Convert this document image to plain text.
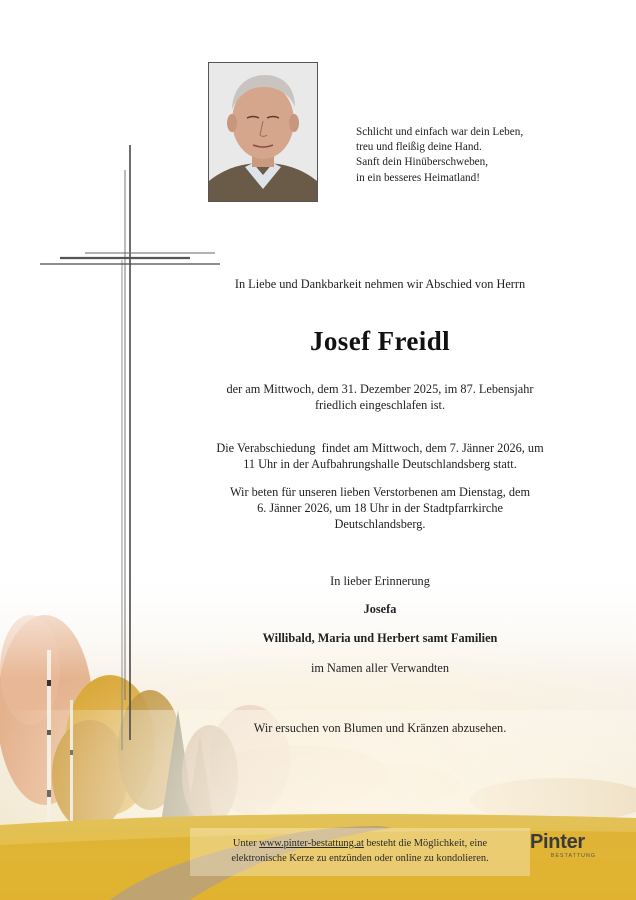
Schlicht und einfach war dein Leben,
treu und fleißig deine Hand.
Sanft dein Hinüberschweben,
in ein besseres Heimatland!
In Liebe und Dankbarkeit nehmen wir Abschied von Herrn
Josef Freidl
der am Mittwoch, dem 31. Dezember 2025, im 87. Lebensjahr
friedlich eingeschlafen ist.
Die Verabschiedung  findet am Mittwoch, dem 7. Jänner 2026, um
11 Uhr in der Aufbahrungshalle Deutschlandsberg statt.
Wir beten für unseren lieben Verstorbenen am Dienstag, dem
6. Jänner 2026, um 18 Uhr in der Stadtpfarrkirche
Deutschlandsberg.
In lieber Erinnerung
Josefa
Willibald, Maria und Herbert samt Familien
im Namen aller Verwandten
Wir ersuchen von Blumen und Kränzen abzusehen.
Unter www.pinter-bestattung.at besteht die Möglichkeit, eine
elektronische Kerze zu entzünden oder online zu kondolieren.
Pinter
BESTATTUNG
